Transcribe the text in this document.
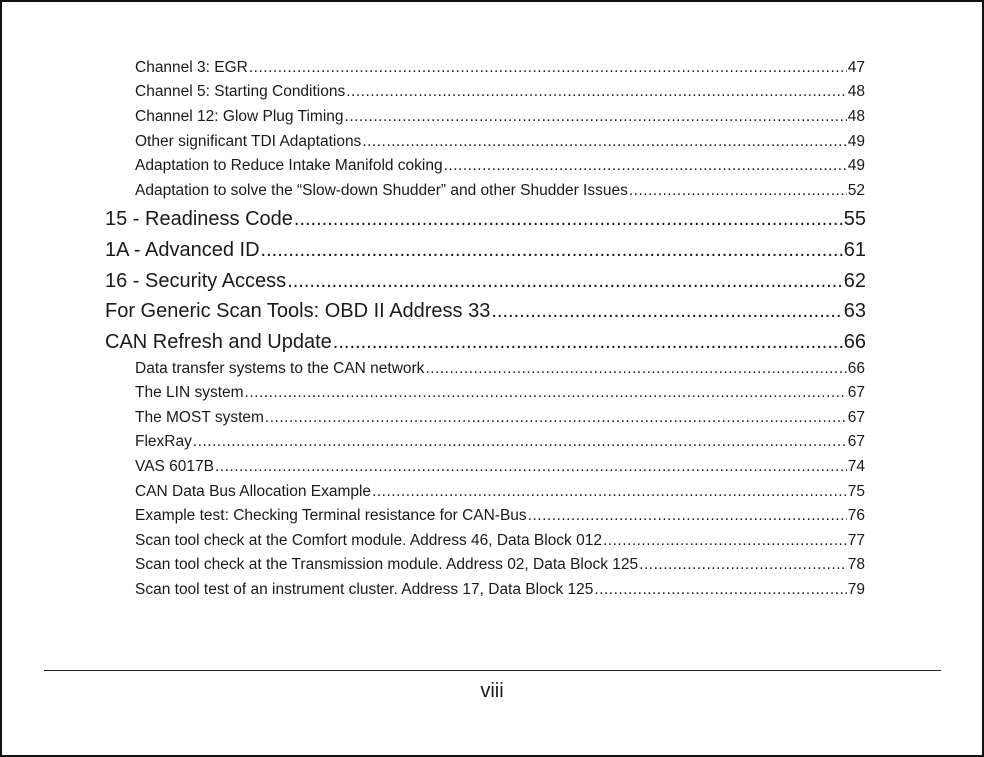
Channel 3: EGR .....	47
Channel 5: Starting Conditions .....	48
Channel 12: Glow Plug Timing .....	48
Other significant TDI Adaptations .....	49
Adaptation to Reduce Intake Manifold coking .....	49
Adaptation to solve the “Slow-down Shudder” and other Shudder Issues .....	52
15 - Readiness Code .....	55
1A - Advanced ID .....	61
16 - Security Access .....	62
For Generic Scan Tools: OBD II Address 33 .....	63
CAN Refresh and Update .....	66
Data transfer systems to the CAN network .....	66
The LIN system .....	67
The MOST system .....	67
FlexRay .....	67
VAS 6017B .....	74
CAN Data Bus Allocation Example .....	75
Example test: Checking Terminal resistance for CAN-Bus .....	76
Scan tool check at the Comfort module. Address 46, Data Block 012 .....	77
Scan tool check at the Transmission module. Address 02, Data Block 125 .....	78
Scan tool test of an instrument cluster. Address 17, Data Block 125 .....	79
viii
